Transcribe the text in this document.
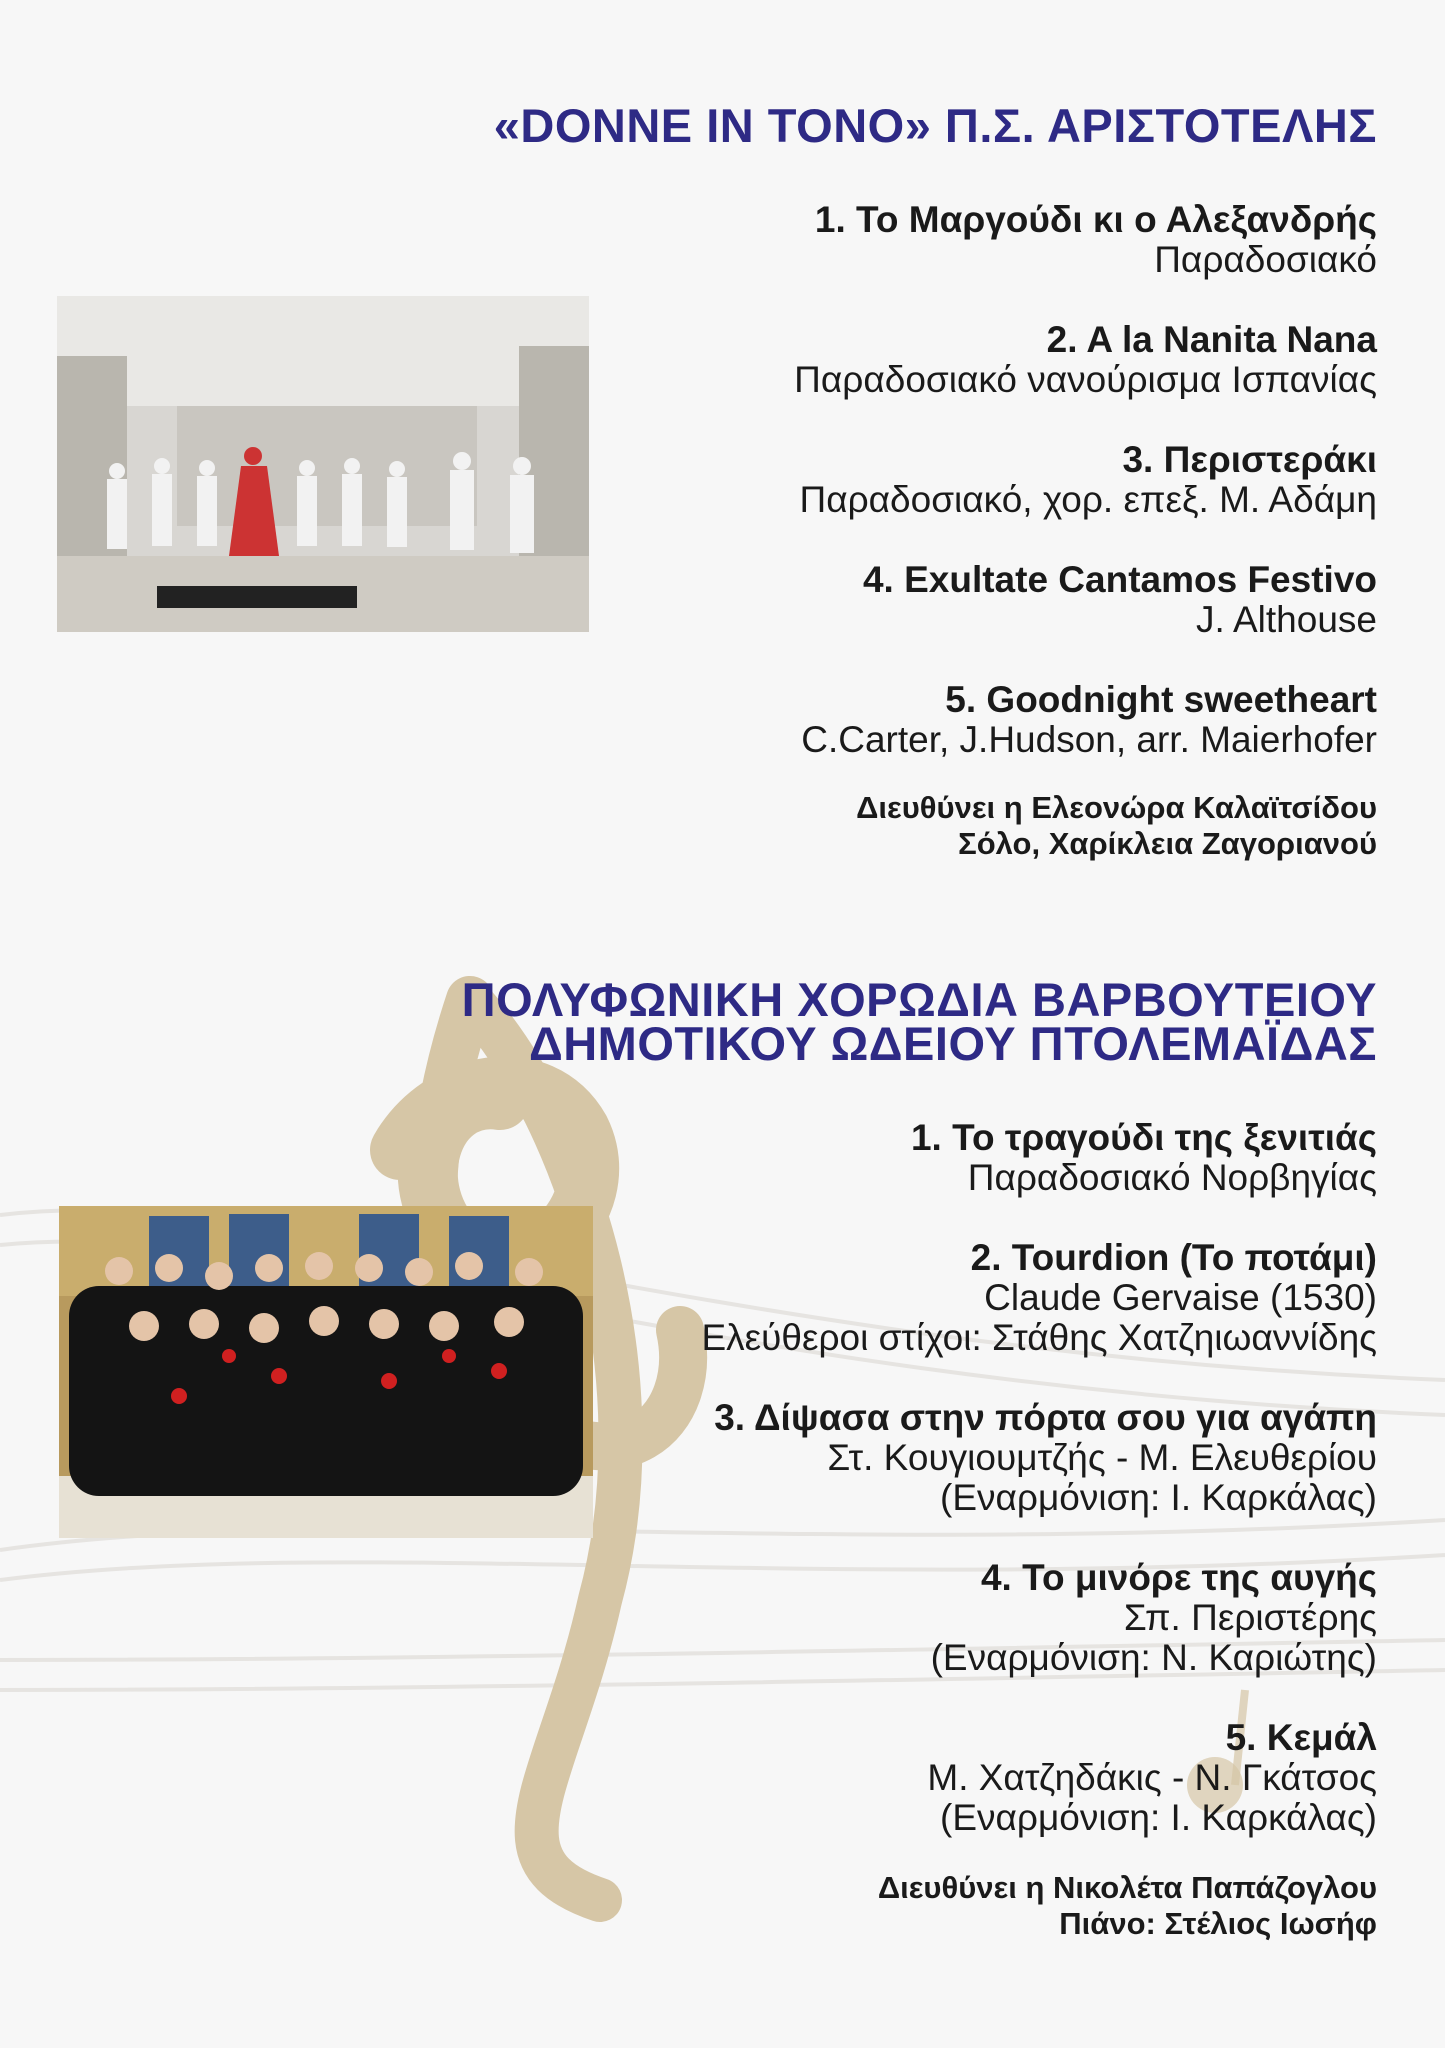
«DONNE IN TONO» Π.Σ. ΑΡΙΣΤΟΤΕΛΗΣ
1. Το Μαργούδι κι ο Αλεξανδρής
Παραδοσιακό
2. A la Nanita Nana
Παραδοσιακό νανούρισμα Ισπανίας
3. Περιστεράκι
Παραδοσιακό, χορ. επεξ. Μ. Αδάμη
4. Exultate Cantamos Festivo
J. Althouse
5. Goodnight sweetheart
C.Carter, J.Hudson, arr. Maierhofer
Διευθύνει η Ελεονώρα Καλαϊτσίδου
Σόλο, Χαρίκλεια Ζαγοριανού
ΠΟΛΥΦΩΝΙΚΗ ΧΟΡΩΔΙΑ ΒΑΡΒΟΥΤΕΙΟΥ
ΔΗΜΟΤΙΚΟΥ ΩΔΕΙΟΥ ΠΤΟΛΕΜΑΪΔΑΣ
1. Το τραγούδι της ξενιτιάς
Παραδοσιακό Νορβηγίας
2. Tourdion (Το ποτάμι)
Claude Gervaise (1530)
Ελεύθεροι στίχοι: Στάθης Χατζηιωαννίδης
3. Δίψασα στην πόρτα σου για αγάπη
Στ. Κουγιουμτζής - Μ. Ελευθερίου
(Εναρμόνιση: Ι. Καρκάλας)
4. Το μινόρε της αυγής
Σπ. Περιστέρης
(Εναρμόνιση: Ν. Καριώτης)
5. Κεμάλ
Μ. Χατζηδάκις - Ν. Γκάτσος
(Εναρμόνιση: Ι. Καρκάλας)
Διευθύνει η Νικολέτα Παπάζογλου
Πιάνο: Στέλιος Ιωσήφ
